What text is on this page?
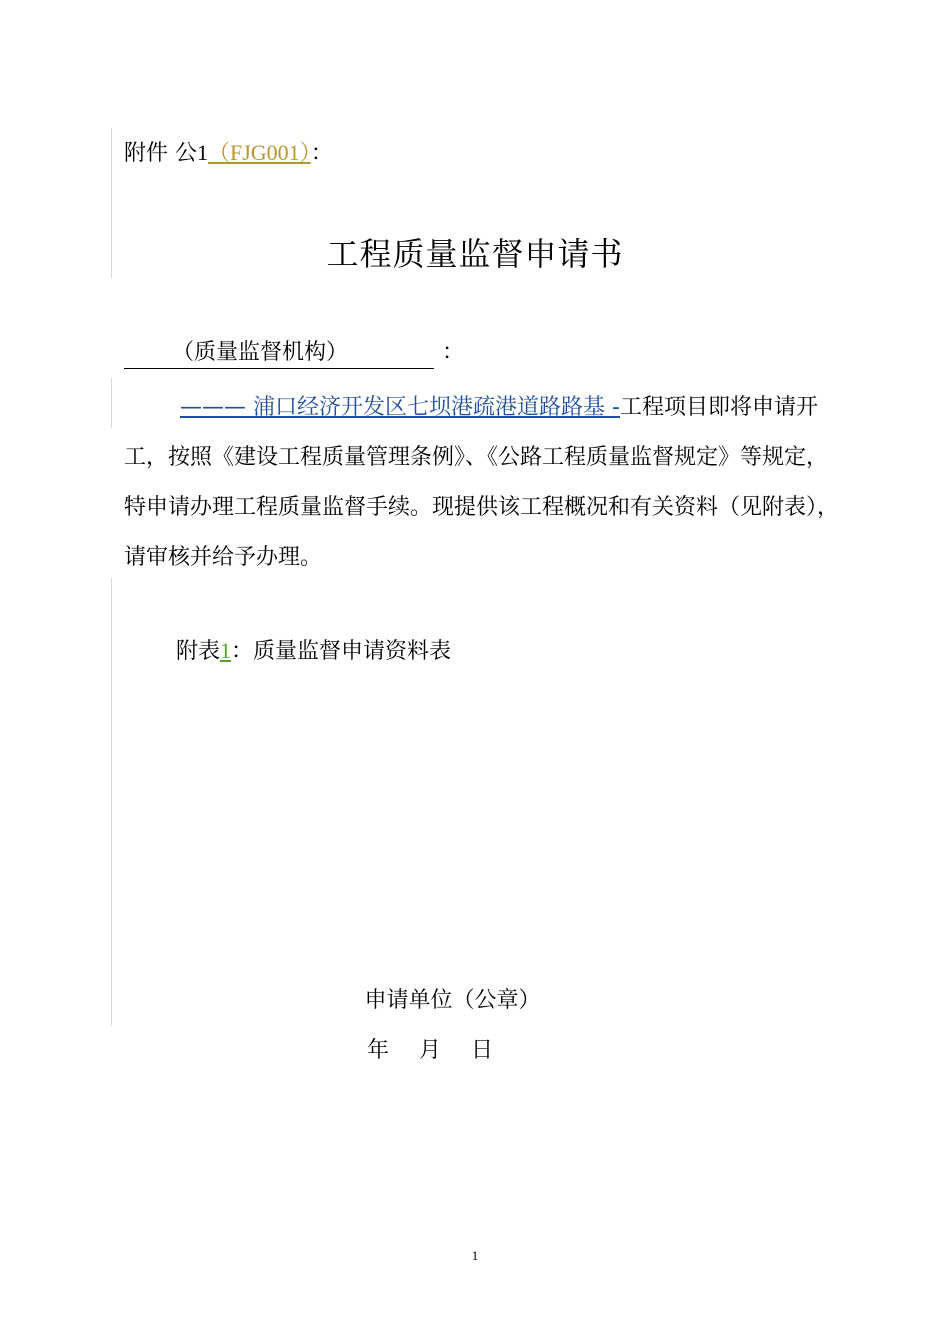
附件 公1（FJG001）：
工程质量监督申请书
（质量监督机构）	：

——— 浦口经济开发区七坝港疏港道路路基 -工程项目即将申请开工，按照《建设工程质量管理条例》、《公路工程质量监督规定》等规定，特申请办理工程质量监督手续。现提供该工程概况和有关资料（见附表），请审核并给予办理。

附表1：质量监督申请资料表
申请单位（公章）
年 月 日
1
